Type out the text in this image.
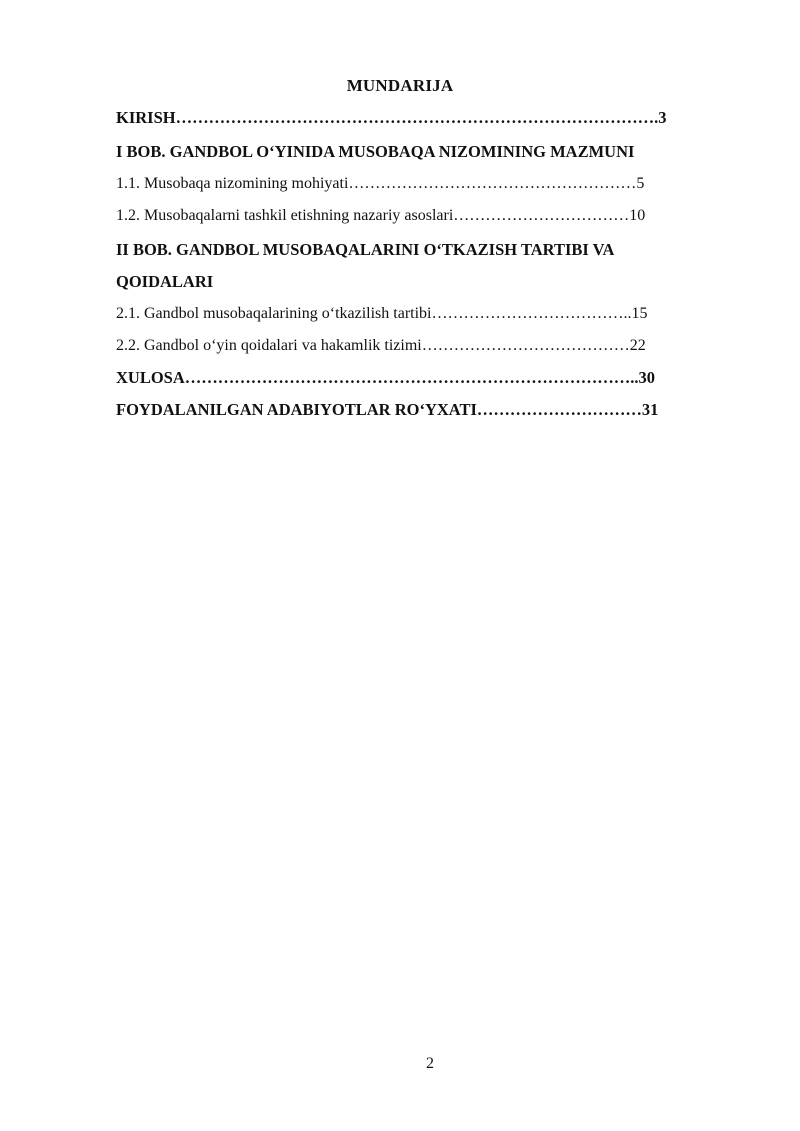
MUNDARIJA
KIRISH…………………………………………………………………………….3
I BOB. GANDBOL O‘YINIDA MUSOBAQA NIZOMINING MAZMUNI
1.1. Musobaqa nizomining mohiyati………………………………………………5
1.2. Musobaqalarni tashkil etishning nazariy asoslari……………………………10
II BOB. GANDBOL MUSOBAQALARINI O‘TKAZISH TARTIBI VA
QOIDALARI
2.1. Gandbol musobaqalarining o‘tkazilish tartibi………………………………..15
2.2. Gandbol o‘yin qoidalari va hakamlik tizimi…………………………………22
XULOSA………………………………………………………………………..30
FOYDALANILGAN ADABIYOTLAR RO‘YXATI…………………………31
2
